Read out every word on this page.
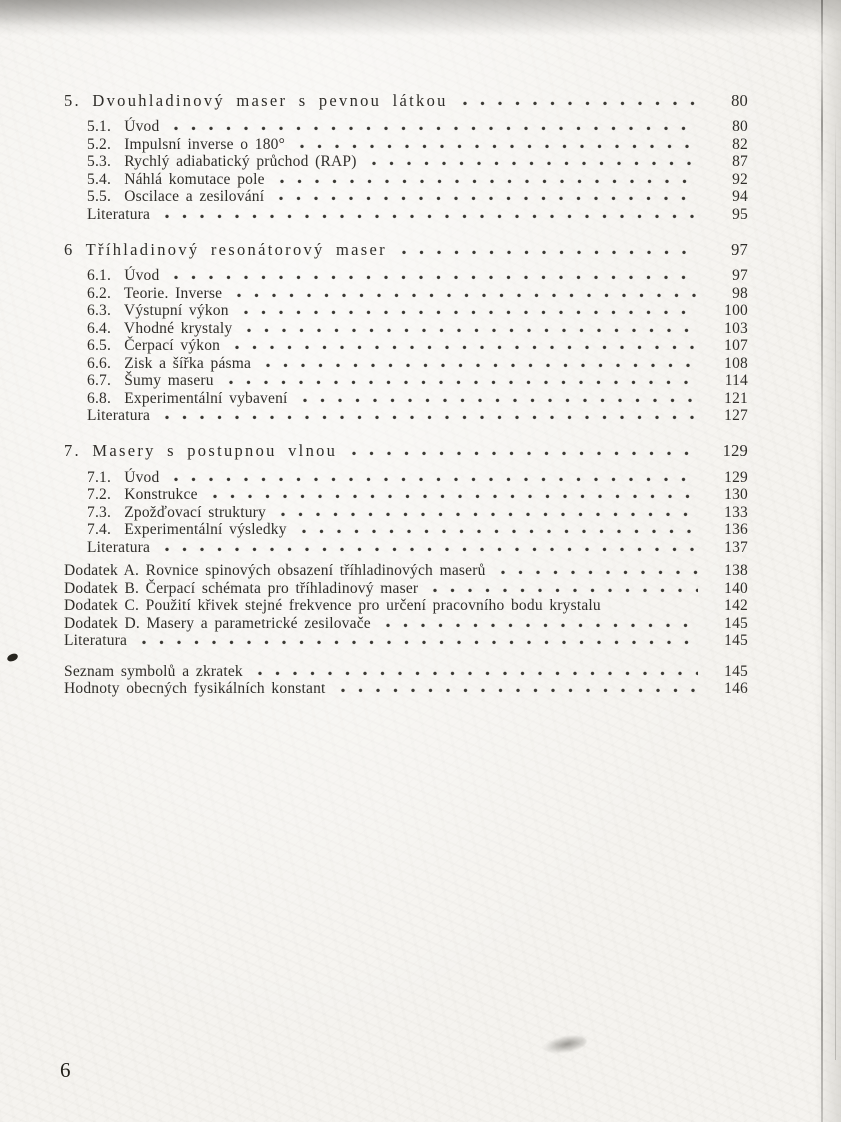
5. Dvouhladinový maser s pevnou látkou	80
5.1.  Úvod	80
5.2.  Impulsní inverse o 180°	82
5.3.  Rychlý adiabatický průchod (RAP)	87
5.4.  Náhlá komutace pole	92
5.5.  Oscilace a zesilování	94
Literatura	95
6 Tříhladinový resonátorový maser	97
6.1.  Úvod	97
6.2.  Teorie. Inverse	98
6.3.  Výstupní výkon	100
6.4.  Vhodné krystaly	103
6.5.  Čerpací výkon	107
6.6.  Zisk a šířka pásma	108
6.7.  Šumy maseru	114
6.8.  Experimentální vybavení	121
Literatura	127
7. Masery s postupnou vlnou	129
7.1.  Úvod	129
7.2.  Konstrukce	130
7.3.  Zpožďovací struktury	133
7.4.  Experimentální výsledky	136
Literatura	137
Dodatek A. Rovnice spinových obsazení tříhladinových maserů	138
Dodatek B. Čerpací schémata pro tříhladinový maser	140
Dodatek C. Použití křivek stejné frekvence pro určení pracovního bodu krystalu	142
Dodatek D. Masery a parametrické zesilovače	145
Literatura	145
Seznam symbolů a zkratek	145
Hodnoty obecných fysikálních konstant	146
6
